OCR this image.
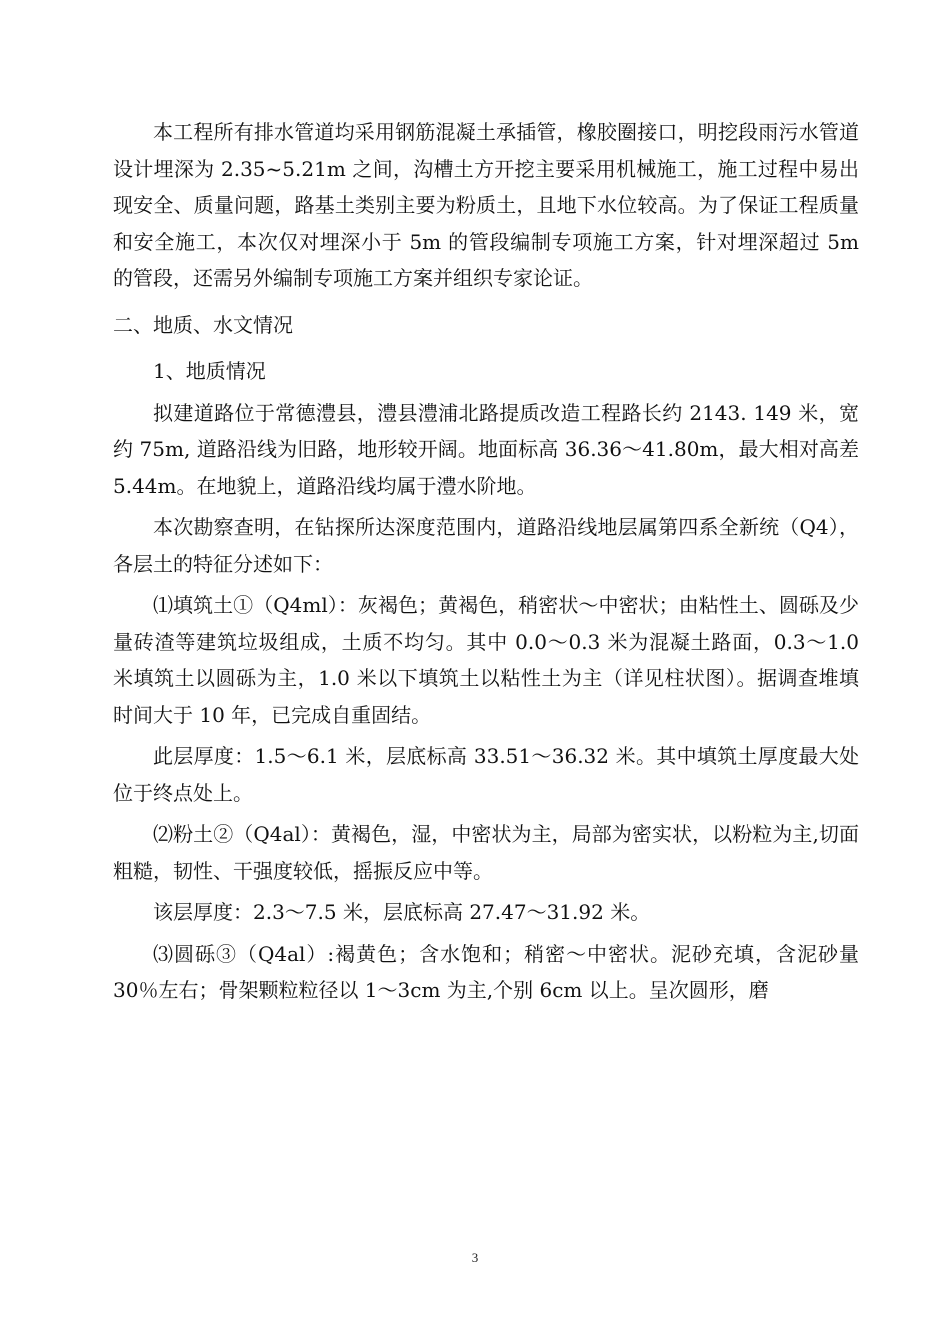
本工程所有排水管道均采用钢筋混凝土承插管，橡胶圈接口，明挖段雨污水管道设计埋深为 2.35~5.21m 之间，沟槽土方开挖主要采用机械施工，施工过程中易出现安全、质量问题，路基土类别主要为粉质土，且地下水位较高。为了保证工程质量和安全施工，本次仅对埋深小于 5m 的管段编制专项施工方案，针对埋深超过 5m 的管段，还需另外编制专项施工方案并组织专家论证。

二、地质、水文情况

1、地质情况

拟建道路位于常德澧县，澧县澧浦北路提质改造工程路长约 2143. 149 米，宽约 75m, 道路沿线为旧路，地形较开阔。地面标高 36.36～41.80m，最大相对高差 5.44m。在地貌上，道路沿线均属于澧水阶地。

本次勘察查明，在钻探所达深度范围内，道路沿线地层属第四系全新统（Q4），各层土的特征分述如下：

⑴填筑土①（Q4ml）：灰褐色；黄褐色，稍密状～中密状；由粘性土、圆砾及少量砖渣等建筑垃圾组成，土质不均匀。其中 0.0～0.3 米为混凝土路面，0.3～1.0 米填筑土以圆砾为主，1.0 米以下填筑土以粘性土为主（详见柱状图）。据调查堆填时间大于 10 年，已完成自重固结。

此层厚度：1.5～6.1 米，层底标高 33.51～36.32 米。其中填筑土厚度最大处位于终点处上。

⑵粉土②（Q4al）：黄褐色，湿，中密状为主，局部为密实状，以粉粒为主,切面粗糙，韧性、干强度较低，摇振反应中等。

该层厚度：2.3～7.5 米，层底标高 27.47～31.92 米。

⑶圆砾③（Q4al）:褐黄色；含水饱和；稍密～中密状。泥砂充填，含泥砂量 30％左右；骨架颗粒粒径以 1～3cm 为主,个别 6cm 以上。呈次圆形，磨

3
